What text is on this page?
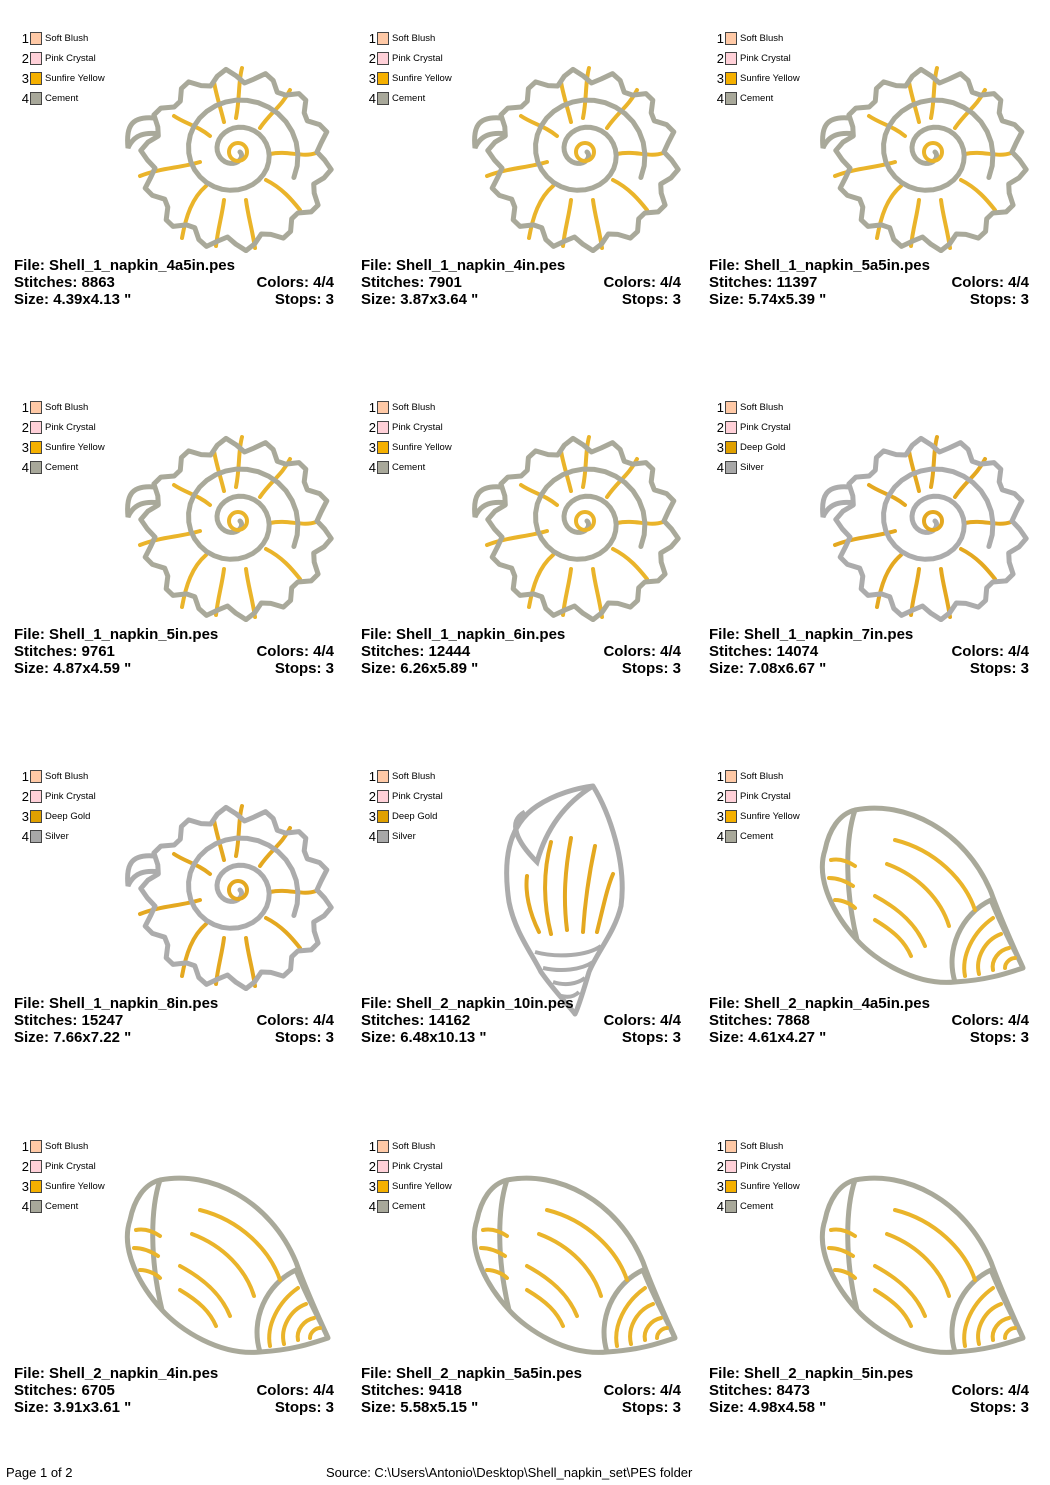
1 Soft Blush
2 Pink Crystal
3 Sunfire Yellow
4 Cement
File: Shell_1_napkin_4a5in.pes
Stitches: 8863	Colors: 4/4
Size: 4.39x4.13 "	Stops: 3
1 Soft Blush
2 Pink Crystal
3 Sunfire Yellow
4 Cement
File: Shell_1_napkin_4in.pes
Stitches: 7901	Colors: 4/4
Size: 3.87x3.64 "	Stops: 3
1 Soft Blush
2 Pink Crystal
3 Sunfire Yellow
4 Cement
File: Shell_1_napkin_5a5in.pes
Stitches: 11397	Colors: 4/4
Size: 5.74x5.39 "	Stops: 3
1 Soft Blush
2 Pink Crystal
3 Sunfire Yellow
4 Cement
File: Shell_1_napkin_5in.pes
Stitches: 9761	Colors: 4/4
Size: 4.87x4.59 "	Stops: 3
1 Soft Blush
2 Pink Crystal
3 Sunfire Yellow
4 Cement
File: Shell_1_napkin_6in.pes
Stitches: 12444	Colors: 4/4
Size: 6.26x5.89 "	Stops: 3
1 Soft Blush
2 Pink Crystal
3 Deep Gold
4 Silver
File: Shell_1_napkin_7in.pes
Stitches: 14074	Colors: 4/4
Size: 7.08x6.67 "	Stops: 3
1 Soft Blush
2 Pink Crystal
3 Deep Gold
4 Silver
File: Shell_1_napkin_8in.pes
Stitches: 15247	Colors: 4/4
Size: 7.66x7.22 "	Stops: 3
1 Soft Blush
2 Pink Crystal
3 Deep Gold
4 Silver
File: Shell_2_napkin_10in.pes
Stitches: 14162	Colors: 4/4
Size: 6.48x10.13 "	Stops: 3
1 Soft Blush
2 Pink Crystal
3 Sunfire Yellow
4 Cement
File: Shell_2_napkin_4a5in.pes
Stitches: 7868	Colors: 4/4
Size: 4.61x4.27 "	Stops: 3
1 Soft Blush
2 Pink Crystal
3 Sunfire Yellow
4 Cement
File: Shell_2_napkin_4in.pes
Stitches: 6705	Colors: 4/4
Size: 3.91x3.61 "	Stops: 3
1 Soft Blush
2 Pink Crystal
3 Sunfire Yellow
4 Cement
File: Shell_2_napkin_5a5in.pes
Stitches: 9418	Colors: 4/4
Size: 5.58x5.15 "	Stops: 3
1 Soft Blush
2 Pink Crystal
3 Sunfire Yellow
4 Cement
File: Shell_2_napkin_5in.pes
Stitches: 8473	Colors: 4/4
Size: 4.98x4.58 "	Stops: 3
Page 1 of 2	Source: C:\Users\Antonio\Desktop\Shell_napkin_set\PES folder
